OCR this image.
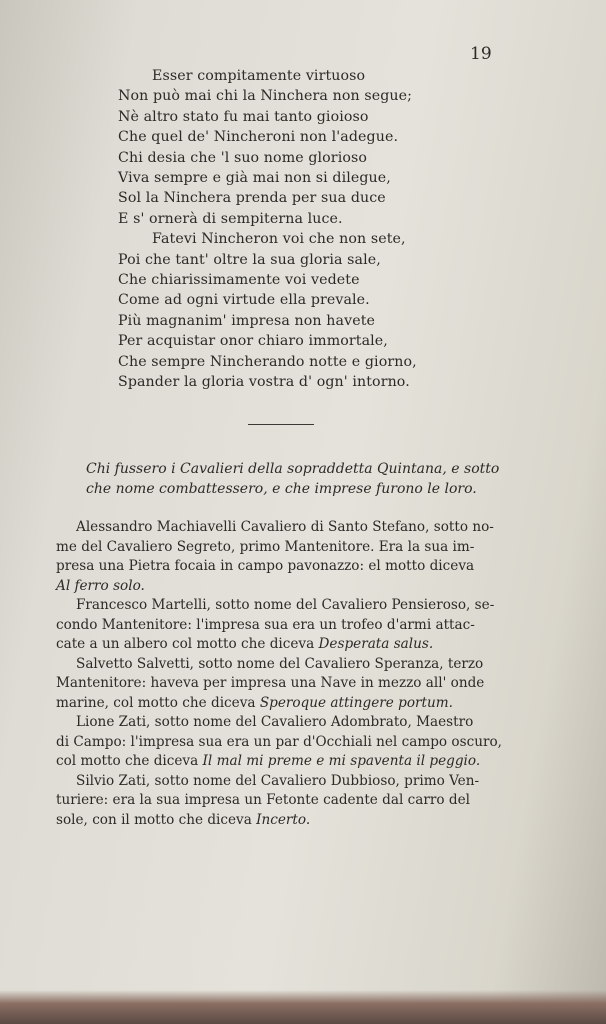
19
Esser compitamente virtuoso
Non può mai chi la Ninchera non segue;
Nè altro stato fu mai tanto gioioso
Che quel de' Nincheroni non l'adegue.
Chi desia che 'l suo nome glorioso
Viva sempre e già mai non si dilegue,
Sol la Ninchera prenda per sua duce
E s' ornerà di sempiterna luce.
Fatevi Nincheron voi che non sete,
Poi che tant' oltre la sua gloria sale,
Che chiarissimamente voi vedete
Come ad ogni virtude ella prevale.
Più magnanim' impresa non havete
Per acquistar onor chiaro immortale,
Che sempre Nincherando notte e giorno,
Spander la gloria vostra d' ogn' intorno.
Chi fussero i Cavalieri della sopraddetta Quintana, e sotto
che nome combattessero, e che imprese furono le loro.
Alessandro Machiavelli Cavaliero di Santo Stefano, sotto no-
me del Cavaliero Segreto, primo Mantenitore. Era la sua im-
presa una Pietra focaia in campo pavonazzo: el motto diceva
Al ferro solo.
Francesco Martelli, sotto nome del Cavaliero Pensieroso, se-
condo Mantenitore: l'impresa sua era un trofeo d'armi attac-
cate a un albero col motto che diceva Desperata salus.
Salvetto Salvetti, sotto nome del Cavaliero Speranza, terzo
Mantenitore: haveva per impresa una Nave in mezzo all' onde
marine, col motto che diceva Speroque attingere portum.
Lione Zati, sotto nome del Cavaliero Adombrato, Maestro
di Campo: l'impresa sua era un par d'Occhiali nel campo oscuro,
col motto che diceva Il mal mi preme e mi spaventa il peggio.
Silvio Zati, sotto nome del Cavaliero Dubbioso, primo Ven-
turiere: era la sua impresa un Fetonte cadente dal carro del
sole, con il motto che diceva Incerto.
